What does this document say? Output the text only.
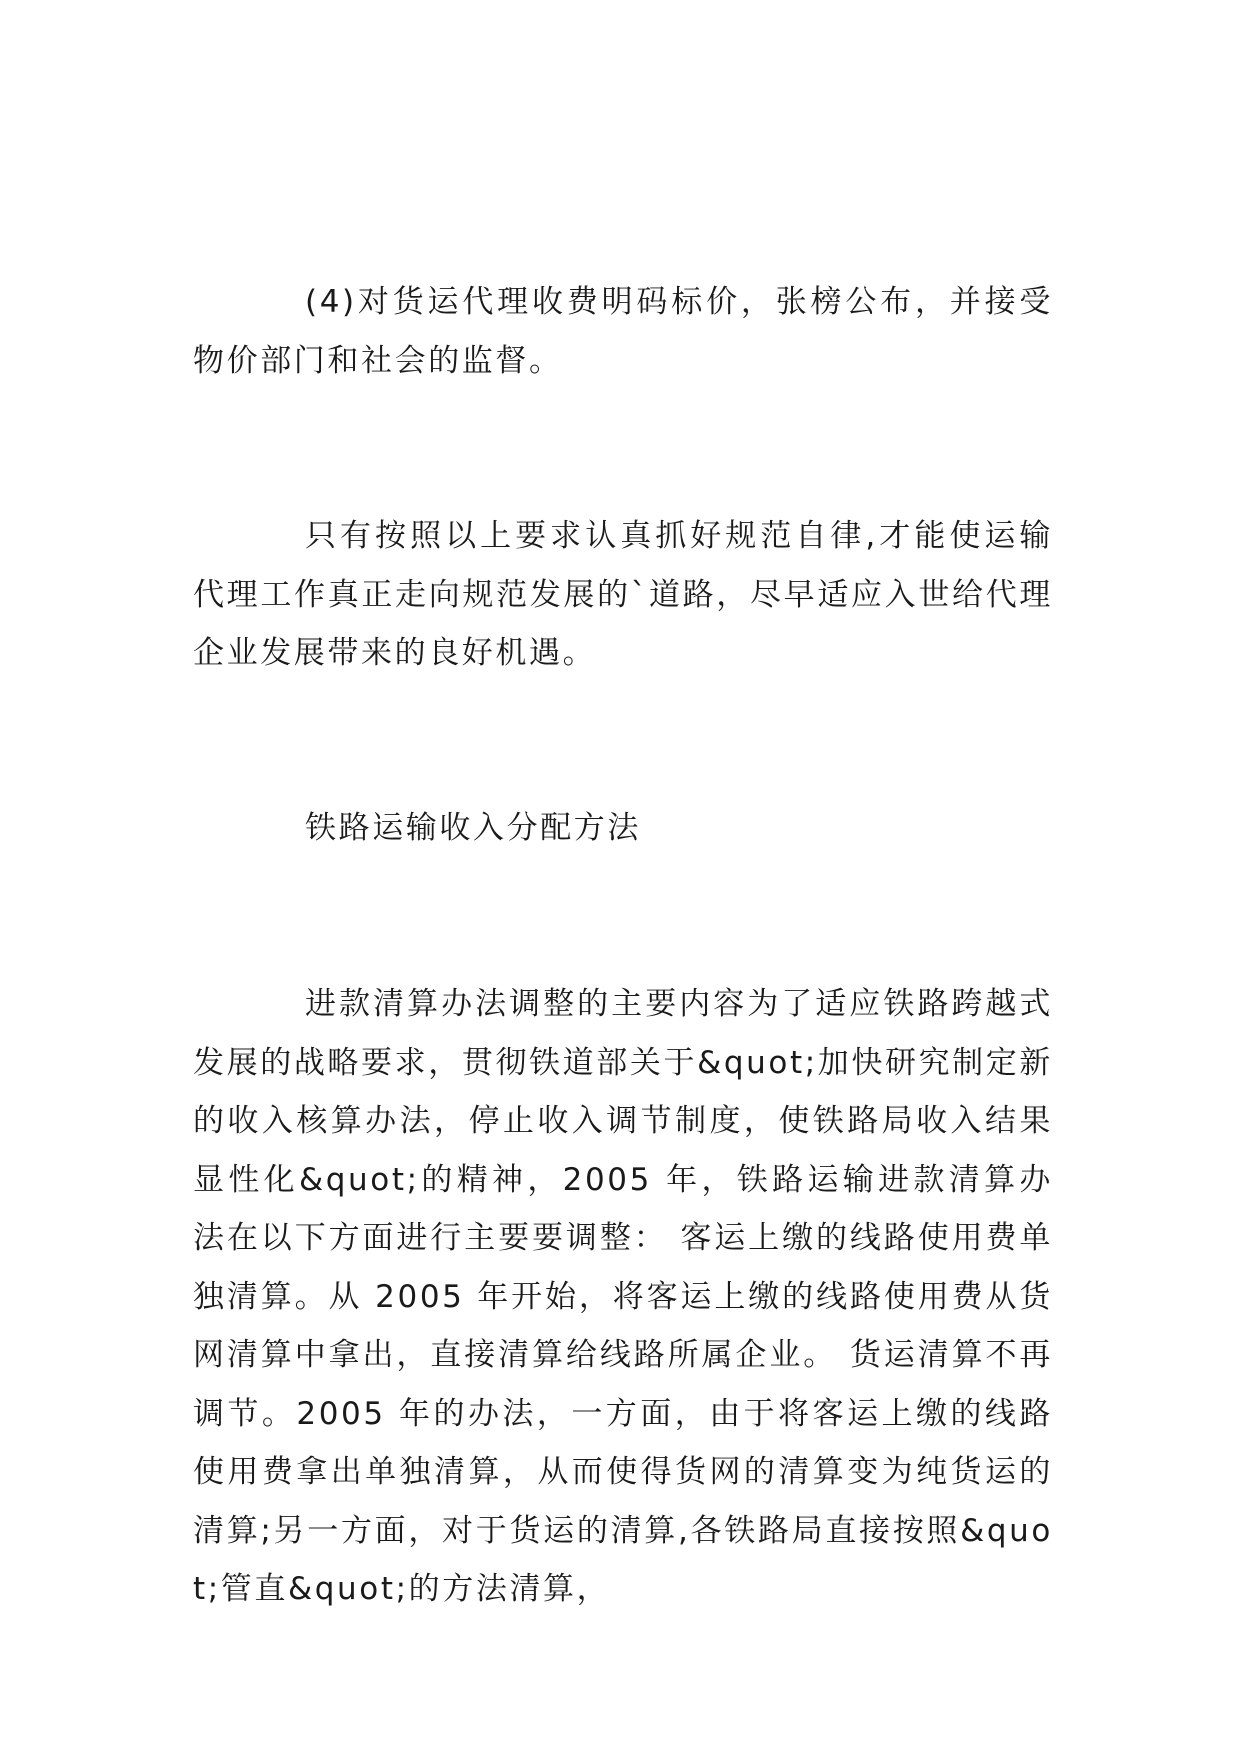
(4)对货运代理收费明码标价，张榜公布，并接受物价部门和社会的监督。

只有按照以上要求认真抓好规范自律,才能使运输代理工作真正走向规范发展的`道路，尽早适应入世给代理企业发展带来的良好机遇。

铁路运输收入分配方法

进款清算办法调整的主要内容为了适应铁路跨越式发展的战略要求，贯彻铁道部关于&quot;加快研究制定新的收入核算办法，停止收入调节制度，使铁路局收入结果显性化&quot;的精神，2005 年，铁路运输进款清算办法在以下方面进行主要要调整： 客运上缴的线路使用费单独清算。从 2005 年开始，将客运上缴的线路使用费从货网清算中拿出，直接清算给线路所属企业。 货运清算不再调节。2005 年的办法，一方面，由于将客运上缴的线路使用费拿出单独清算，从而使得货网的清算变为纯货运的清算;另一方面，对于货运的清算,各铁路局直接按照&quot;管直&quot;的方法清算，
